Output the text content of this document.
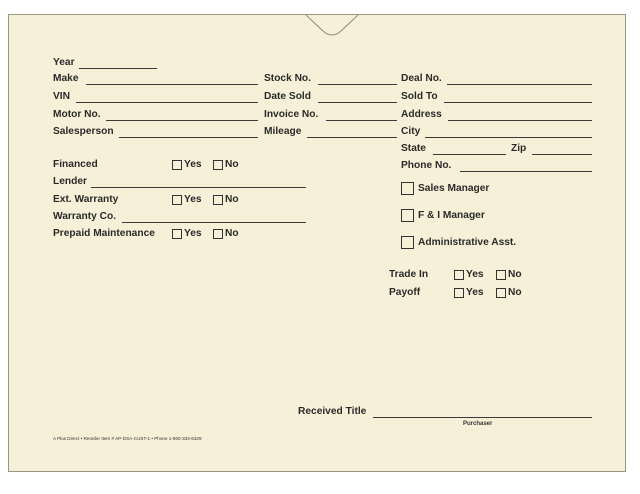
Year
Make
VIN
Motor No.
Salesperson
Stock No.
Date Sold
Invoice No.
Mileage
Deal No.
Sold To
Address
City
State	Zip
Phone No.
Financed	Yes No
Lender
Ext. Warranty	Yes No
Warranty Co.
Prepaid Maintenance	Yes No
Sales Manager
F & I Manager
Administrative Asst.
Trade In	Yes No
Payoff	Yes No
Received Title
Purchaser
A Plus Direct • Reorder Item # AP-DSA-CUST-1 • Phone 1-800-334-6329
